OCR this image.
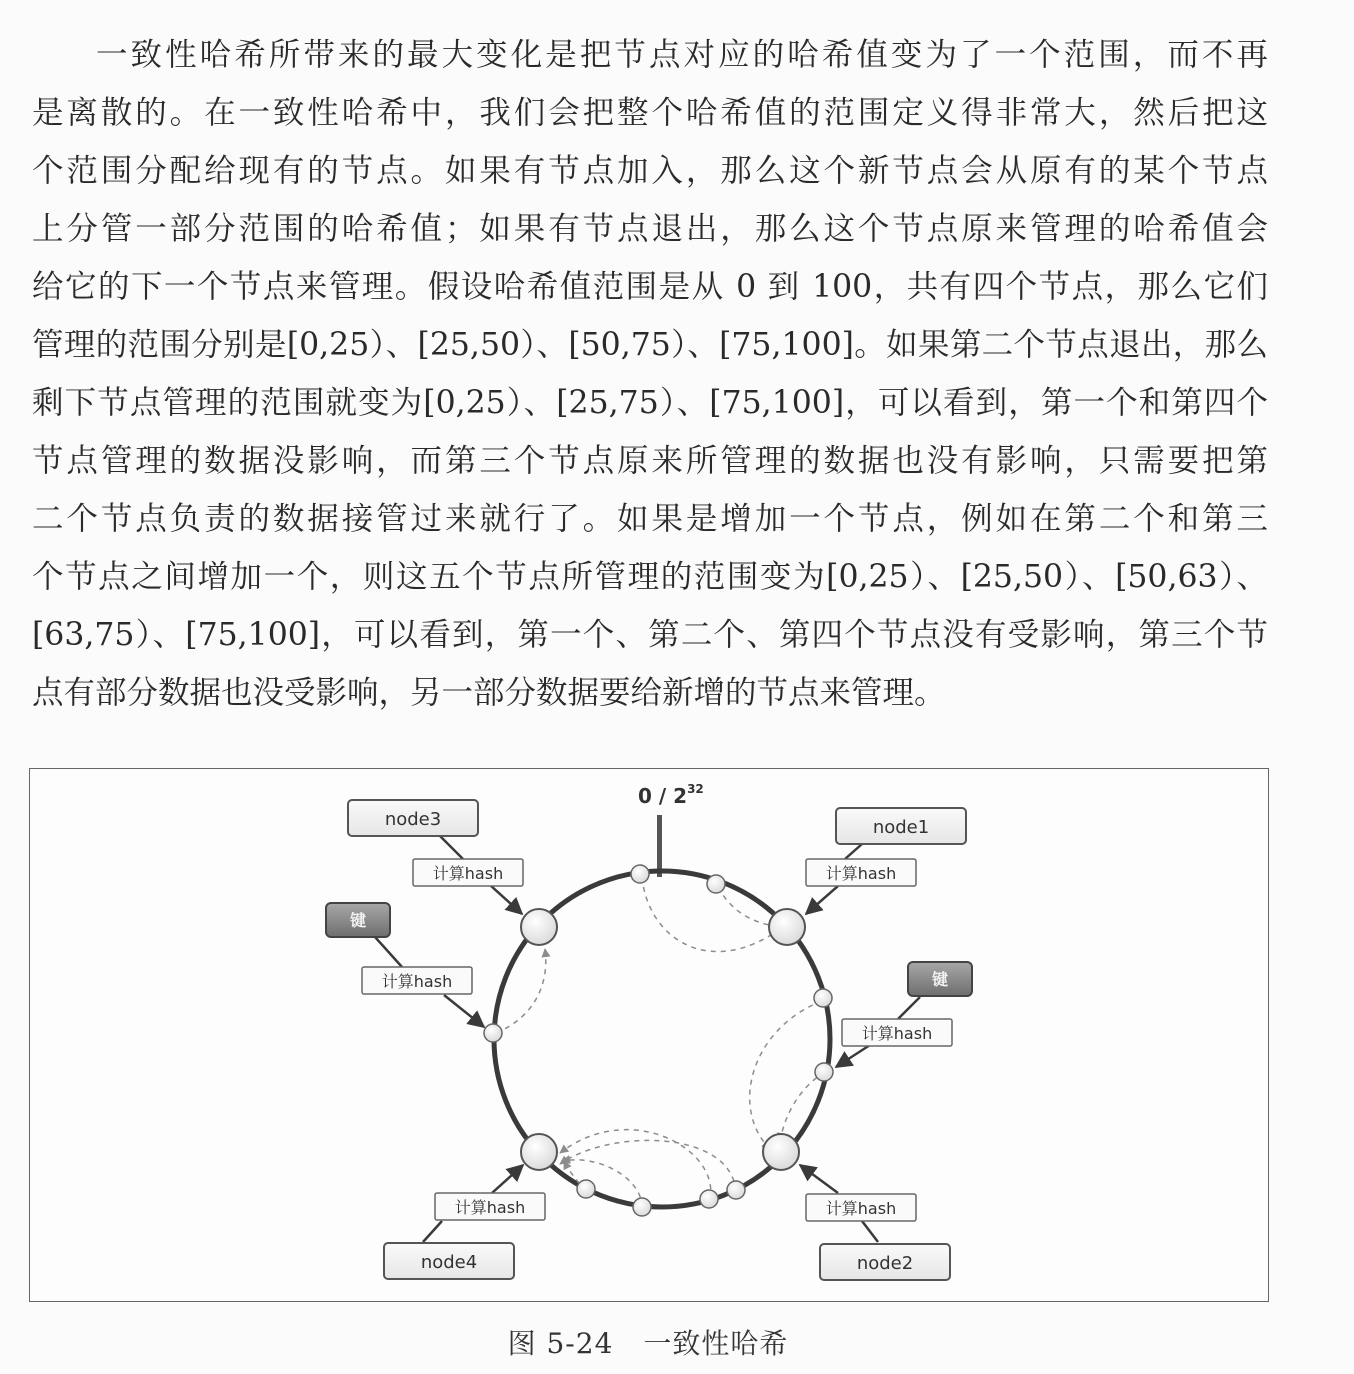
一致性哈希所带来的最大变化是把节点对应的哈希值变为了一个范围，而不再
是离散的。在一致性哈希中，我们会把整个哈希值的范围定义得非常大，然后把这
个范围分配给现有的节点。如果有节点加入，那么这个新节点会从原有的某个节点
上分管一部分范围的哈希值；如果有节点退出，那么这个节点原来管理的哈希值会
给它的下一个节点来管理。假设哈希值范围是从 0 到 100，共有四个节点，那么它们
管理的范围分别是[0,25）、[25,50）、[50,75）、[75,100]。如果第二个节点退出，那么
剩下节点管理的范围就变为[0,25）、[25,75）、[75,100]，可以看到，第一个和第四个
节点管理的数据没影响，而第三个节点原来所管理的数据也没有影响，只需要把第
二个节点负责的数据接管过来就行了。如果是增加一个节点，例如在第二个和第三
个节点之间增加一个，则这五个节点所管理的范围变为[0,25）、[25,50）、[50,63）、
[63,75）、[75,100]，可以看到，第一个、第二个、第四个节点没有受影响，第三个节
点有部分数据也没受影响，另一部分数据要给新增的节点来管理。
$0 / 2^{32}$
node3	node1
node4	node2
计算hash	计算hash
计算hash
计算hash
计算hash	计算hash
键
键
图 5-24 一致性哈希
